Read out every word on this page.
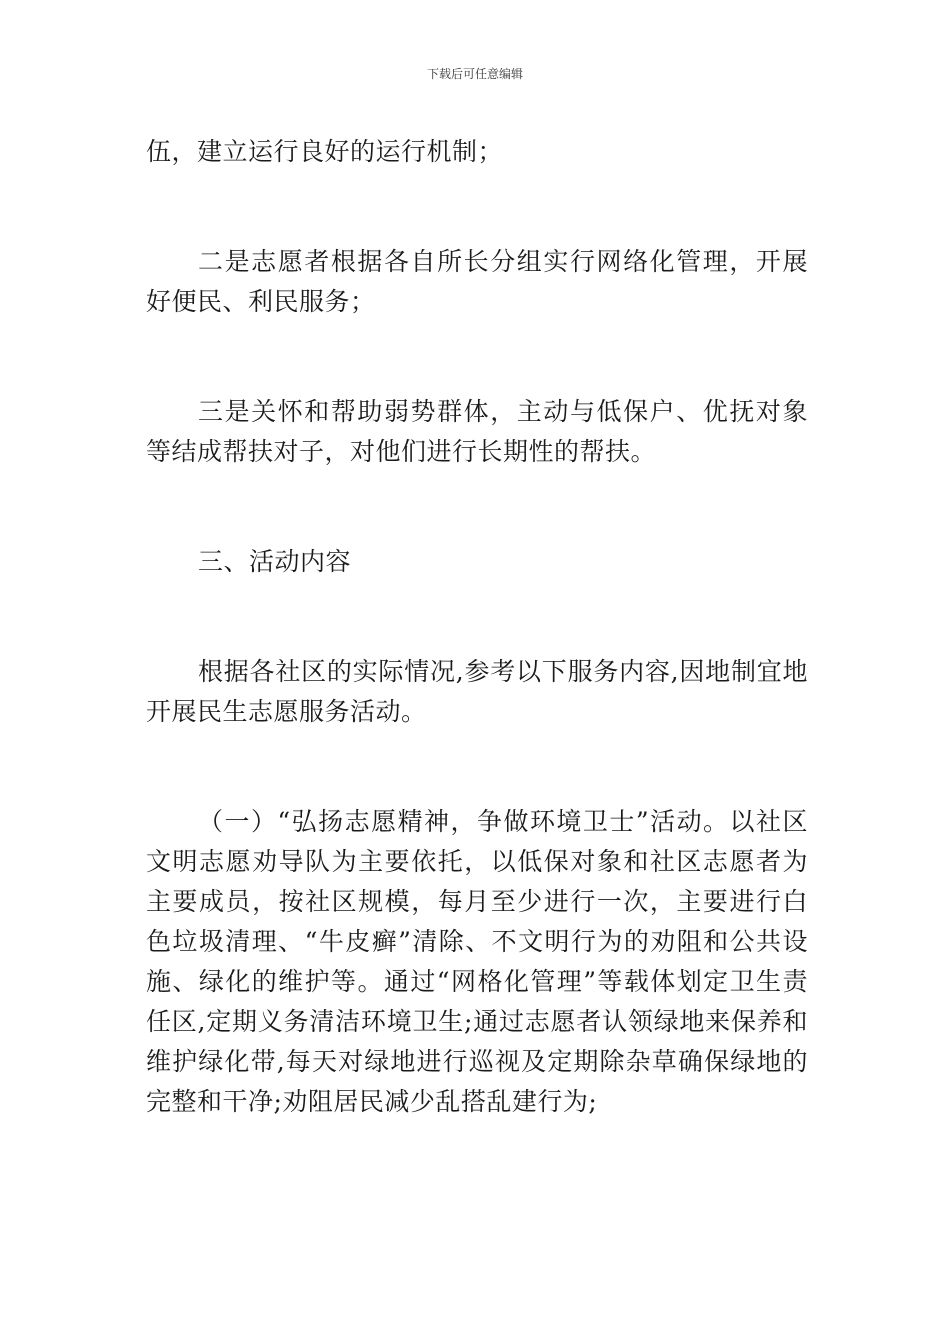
下载后可任意编辑

伍，建立运行良好的运行机制；

二是志愿者根据各自所长分组实行网络化管理，开展好便民、利民服务；

三是关怀和帮助弱势群体，主动与低保户、优抚对象等结成帮扶对子，对他们进行长期性的帮扶。

三、活动内容

根据各社区的实际情况,参考以下服务内容,因地制宜地开展民生志愿服务活动。

（一）“弘扬志愿精神，争做环境卫士”活动。以社区文明志愿劝导队为主要依托，以低保对象和社区志愿者为主要成员，按社区规模，每月至少进行一次，主要进行白色垃圾清理、“牛皮癣”清除、不文明行为的劝阻和公共设施、绿化的维护等。通过“网格化管理”等载体划定卫生责任区,定期义务清洁环境卫生;通过志愿者认领绿地来保养和维护绿化带,每天对绿地进行巡视及定期除杂草确保绿地的完整和干净;劝阻居民减少乱搭乱建行为;
